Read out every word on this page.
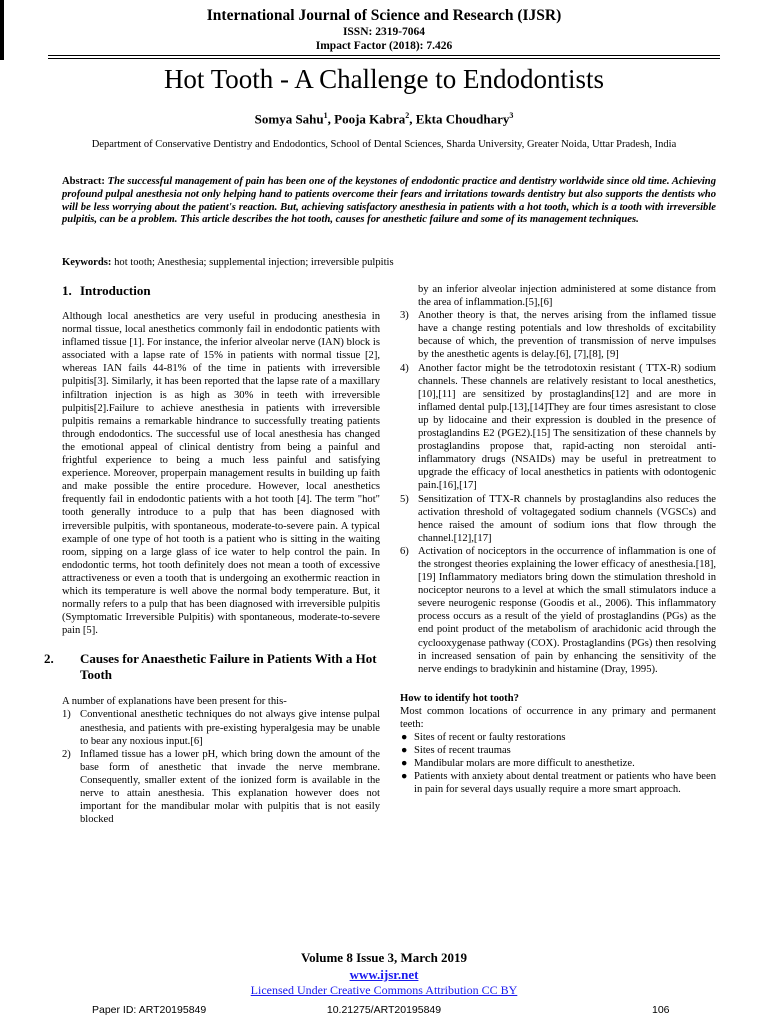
International Journal of Science and Research (IJSR)
ISSN: 2319-7064
Impact Factor (2018): 7.426
Hot Tooth - A Challenge to Endodontists
Somya Sahu$^1$, Pooja Kabra$^2$, Ekta Choudhary$^3$
Department of Conservative Dentistry and Endodontics, School of Dental Sciences, Sharda University, Greater Noida, Uttar Pradesh, India
Abstract: The successful management of pain has been one of the keystones of endodontic practice and dentistry worldwide since old time. Achieving profound pulpal anesthesia not only helping hand to patients overcome their fears and irritations towards dentistry but also supports the dentists who will be less worrying about the patient's reaction. But, achieving satisfactory anesthesia in patients with a hot tooth, which is a tooth with irreversible pulpitis, can be a problem. This article describes the hot tooth, causes for anesthetic failure and some of its management techniques.
Keywords: hot tooth; Anesthesia; supplemental injection; irreversible pulpitis
1. Introduction

Although local anesthetics are very useful in producing anesthesia in normal tissue, local anesthetics commonly fail in endodontic patients with inflamed tissue [1]. For instance, the inferior alveolar nerve (IAN) block is associated with a lapse rate of 15% in patients with normal tissue [2], whereas IAN fails 44-81% of the time in patients with irreversible pulpitis[3]. Similarly, it has been reported that the lapse rate of a maxillary infiltration injection is as high as 30% in teeth with irreversible pulpitis[2].Failure to achieve anesthesia in patients with irreversible pulpitis remains a remarkable hindrance to successfully treating patients through endodontics. The successful use of local anesthesia has changed the emotional appeal of clinical dentistry from being a painful and frightful experience to being a much less painful and satisfying experience. Moreover, properpain management results in building up faith and make possible the entire procedure. However, local anesthetics frequently fail in endodontic patients with a hot tooth [4]. The term "hot" tooth generally introduce to a pulp that has been diagnosed with irreversible pulpitis, with spontaneous, moderate-to-severe pain. A typical example of one type of hot tooth is a patient who is sitting in the waiting room, sipping on a large glass of ice water to help control the pain. In endodontic terms, hot tooth definitely does not mean a tooth of excessive attractiveness or even a tooth that is undergoing an exothermic reaction in which its temperature is well above the normal body temperature. But, it normally refers to a pulp that has been diagnosed with irreversible pulpitis (Symptomatic Irreversible Pulpitis) with spontaneous, moderate-to-severe pain [5].

2. Causes for Anaesthetic Failure in Patients With a Hot Tooth

A number of explanations have been present for this-

1) Conventional anesthetic techniques do not always give intense pulpal anesthesia, and patients with pre-existing hyperalgesia may be unable to bear any noxious input.[6]
2) Inflamed tissue has a lower pH, which bring down the amount of the base form of anesthetic that invade the nerve membrane. Consequently, smaller extent of the ionized form is available in the nerve to attain anesthesia. This explanation however does not important for the mandibular molar with pulpitis that is not easily blocked
by an inferior alveolar injection administered at some distance from the area of inflammation.[5],[6]
3) Another theory is that, the nerves arising from the inflamed tissue have a change resting potentials and low thresholds of excitability because of which, the prevention of transmission of nerve impulses by the anesthetic agents is delay.[6], [7],[8], [9]
4) Another factor might be the tetrodotoxin resistant ( TTX-R) sodium channels. These channels are relatively resistant to local anesthetics,[10],[11] are sensitized by prostaglandins[12] and are more in inflamed dental pulp.[13],[14]They are four times asresistant to close up by lidocaine and their expression is doubled in the presence of prostaglandins E2 (PGE2).[15] The sensitization of these channels by prostaglandins propose that, rapid-acting non steroidal anti-inflammatory drugs (NSAIDs) may be useful in pretreatment to upgrade the efficacy of local anesthetics in patients with odontogenic pain.[16],[17]
5) Sensitization of TTX-R channels by prostaglandins also reduces the activation threshold of voltagegated sodium channels (VGSCs) and hence raised the amount of sodium ions that flow through the channel.[12],[17]
6) Activation of nociceptors in the occurrence of inflammation is one of the strongest theories explaining the lower efficacy of anesthesia.[18], [19] Inflammatory mediators bring down the stimulation threshold in nociceptor neurons to a level at which the small stimulators induce a severe neurogenic response (Goodis et al., 2006). This inflammatory process occurs as a result of the yield of prostaglandins (PGs) as the end point product of the metabolism of arachidonic acid through the cyclooxygenase pathway (COX). Prostaglandins (PGs) then resolving in increased sensation of pain by enhancing the sensitivity of the nerve endings to bradykinin and histamine (Dray, 1995).
How to identify hot tooth?

Most common locations of occurrence in any primary and permanent teeth:

● Sites of recent or faulty restorations
● Sites of recent traumas
● Mandibular molars are more difficult to anesthetize.
● Patients with anxiety about dental treatment or patients who have been in pain for several days usually require a more smart approach.
Volume 8 Issue 3, March 2019
www.ijsr.net
Licensed Under Creative Commons Attribution CC BY
Paper ID: ART20195849	10.21275/ART20195849	106
